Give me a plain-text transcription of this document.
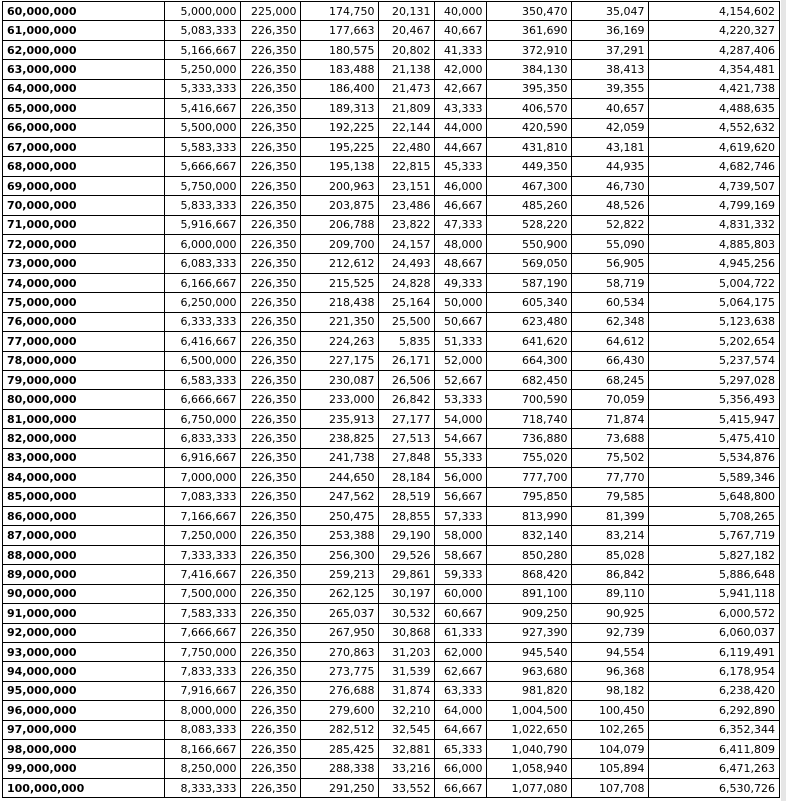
60,000,000	5,000,000	225,000	174,750	20,131	40,000	350,470	35,047	4,154,602
61,000,000	5,083,333	226,350	177,663	20,467	40,667	361,690	36,169	4,220,327
62,000,000	5,166,667	226,350	180,575	20,802	41,333	372,910	37,291	4,287,406
63,000,000	5,250,000	226,350	183,488	21,138	42,000	384,130	38,413	4,354,481
64,000,000	5,333,333	226,350	186,400	21,473	42,667	395,350	39,355	4,421,738
65,000,000	5,416,667	226,350	189,313	21,809	43,333	406,570	40,657	4,488,635
66,000,000	5,500,000	226,350	192,225	22,144	44,000	420,590	42,059	4,552,632
67,000,000	5,583,333	226,350	195,225	22,480	44,667	431,810	43,181	4,619,620
68,000,000	5,666,667	226,350	195,138	22,815	45,333	449,350	44,935	4,682,746
69,000,000	5,750,000	226,350	200,963	23,151	46,000	467,300	46,730	4,739,507
70,000,000	5,833,333	226,350	203,875	23,486	46,667	485,260	48,526	4,799,169
71,000,000	5,916,667	226,350	206,788	23,822	47,333	528,220	52,822	4,831,332
72,000,000	6,000,000	226,350	209,700	24,157	48,000	550,900	55,090	4,885,803
73,000,000	6,083,333	226,350	212,612	24,493	48,667	569,050	56,905	4,945,256
74,000,000	6,166,667	226,350	215,525	24,828	49,333	587,190	58,719	5,004,722
75,000,000	6,250,000	226,350	218,438	25,164	50,000	605,340	60,534	5,064,175
76,000,000	6,333,333	226,350	221,350	25,500	50,667	623,480	62,348	5,123,638
77,000,000	6,416,667	226,350	224,263	5,835	51,333	641,620	64,612	5,202,654
78,000,000	6,500,000	226,350	227,175	26,171	52,000	664,300	66,430	5,237,574
79,000,000	6,583,333	226,350	230,087	26,506	52,667	682,450	68,245	5,297,028
80,000,000	6,666,667	226,350	233,000	26,842	53,333	700,590	70,059	5,356,493
81,000,000	6,750,000	226,350	235,913	27,177	54,000	718,740	71,874	5,415,947
82,000,000	6,833,333	226,350	238,825	27,513	54,667	736,880	73,688	5,475,410
83,000,000	6,916,667	226,350	241,738	27,848	55,333	755,020	75,502	5,534,876
84,000,000	7,000,000	226,350	244,650	28,184	56,000	777,700	77,770	5,589,346
85,000,000	7,083,333	226,350	247,562	28,519	56,667	795,850	79,585	5,648,800
86,000,000	7,166,667	226,350	250,475	28,855	57,333	813,990	81,399	5,708,265
87,000,000	7,250,000	226,350	253,388	29,190	58,000	832,140	83,214	5,767,719
88,000,000	7,333,333	226,350	256,300	29,526	58,667	850,280	85,028	5,827,182
89,000,000	7,416,667	226,350	259,213	29,861	59,333	868,420	86,842	5,886,648
90,000,000	7,500,000	226,350	262,125	30,197	60,000	891,100	89,110	5,941,118
91,000,000	7,583,333	226,350	265,037	30,532	60,667	909,250	90,925	6,000,572
92,000,000	7,666,667	226,350	267,950	30,868	61,333	927,390	92,739	6,060,037
93,000,000	7,750,000	226,350	270,863	31,203	62,000	945,540	94,554	6,119,491
94,000,000	7,833,333	226,350	273,775	31,539	62,667	963,680	96,368	6,178,954
95,000,000	7,916,667	226,350	276,688	31,874	63,333	981,820	98,182	6,238,420
96,000,000	8,000,000	226,350	279,600	32,210	64,000	1,004,500	100,450	6,292,890
97,000,000	8,083,333	226,350	282,512	32,545	64,667	1,022,650	102,265	6,352,344
98,000,000	8,166,667	226,350	285,425	32,881	65,333	1,040,790	104,079	6,411,809
99,000,000	8,250,000	226,350	288,338	33,216	66,000	1,058,940	105,894	6,471,263
100,000,000	8,333,333	226,350	291,250	33,552	66,667	1,077,080	107,708	6,530,726
